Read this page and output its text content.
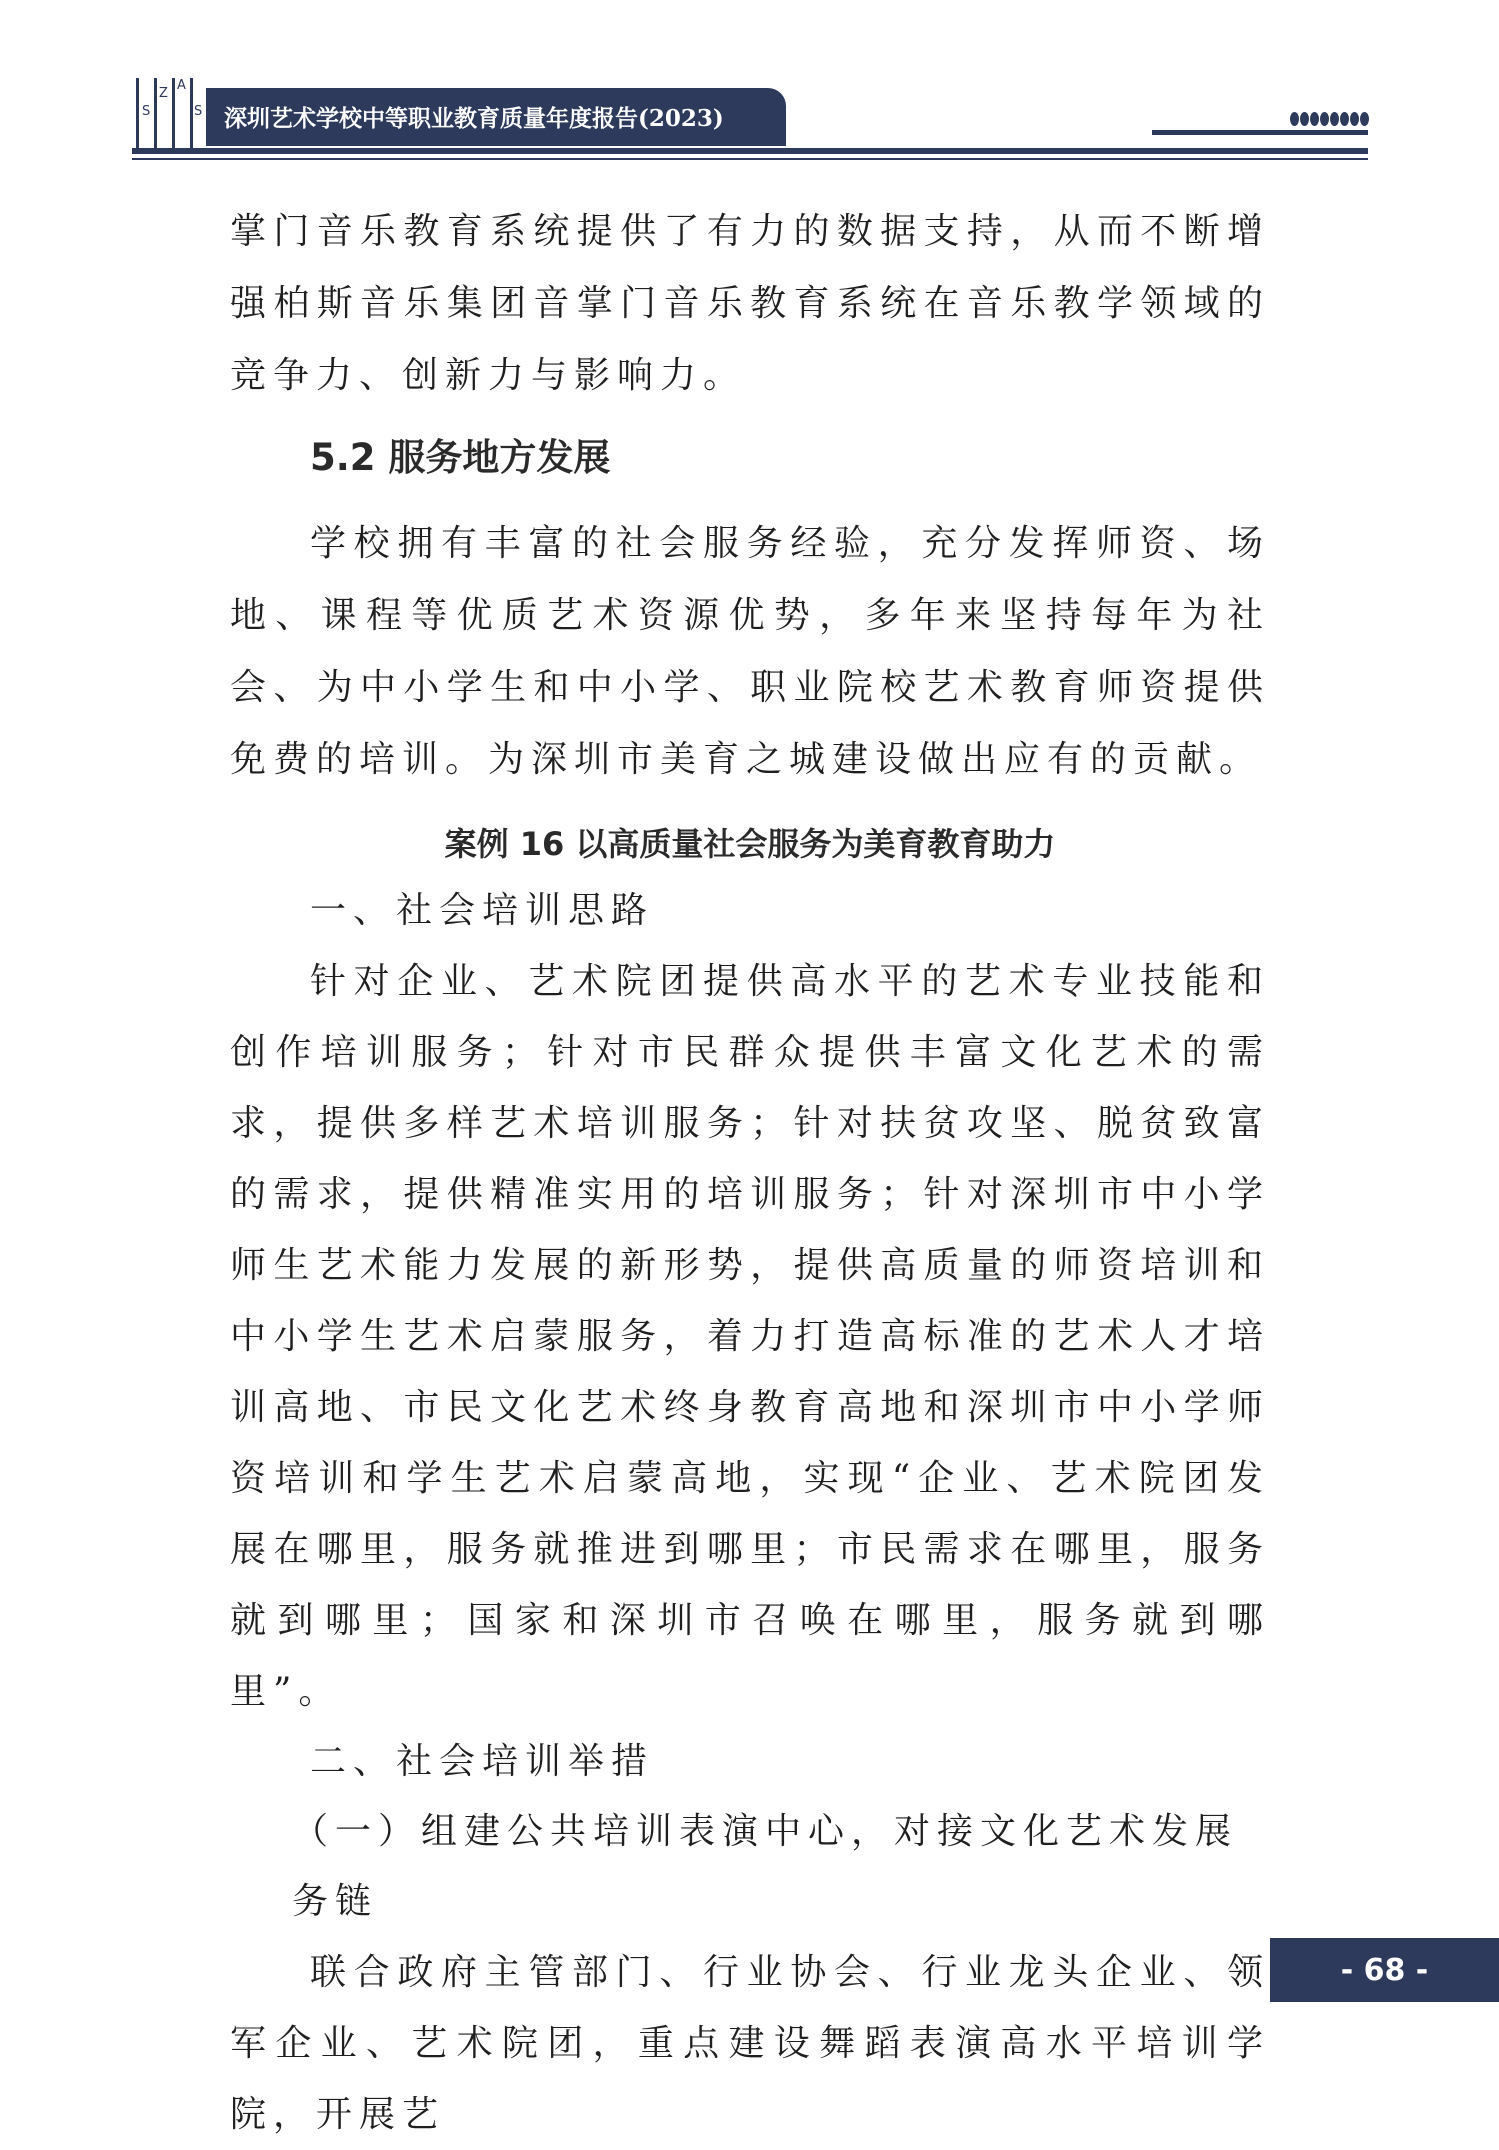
S
Z
A
S 深圳艺术学校中等职业教育质量年度报告(2023)

掌门音乐教育系统提供了有力的数据支持，从而不断增强柏斯音乐集团音掌门音乐教育系统在音乐教学领域的竞争力、创新力与影响力。

5.2 服务地方发展

学校拥有丰富的社会服务经验，充分发挥师资、场地、课程等优质艺术资源优势，多年来坚持每年为社会、为中小学生和中小学、职业院校艺术教育师资提供免费的培训。为深圳市美育之城建设做出应有的贡献。

案例 16 以高质量社会服务为美育教育助力

一、社会培训思路

针对企业、艺术院团提供高水平的艺术专业技能和创作培训服务；针对市民群众提供丰富文化艺术的需求，提供多样艺术培训服务；针对扶贫攻坚、脱贫致富的需求，提供精准实用的培训服务；针对深圳市中小学师生艺术能力发展的新形势，提供高质量的师资培训和中小学生艺术启蒙服务，着力打造高标准的艺术人才培训高地、市民文化艺术终身教育高地和深圳市中小学师资培训和学生艺术启蒙高地，实现“企业、艺术院团发展在哪里，服务就推进到哪里；市民需求在哪里，服务就到哪里；国家和深圳市召唤在哪里，服务就到哪里”。

二、社会培训举措

（一）组建公共培训表演中心，对接文化艺术发展务链

联合政府主管部门、行业协会、行业龙头企业、领军企业、艺术院团，重点建设舞蹈表演高水平培训学院，开展艺

- 68 -
